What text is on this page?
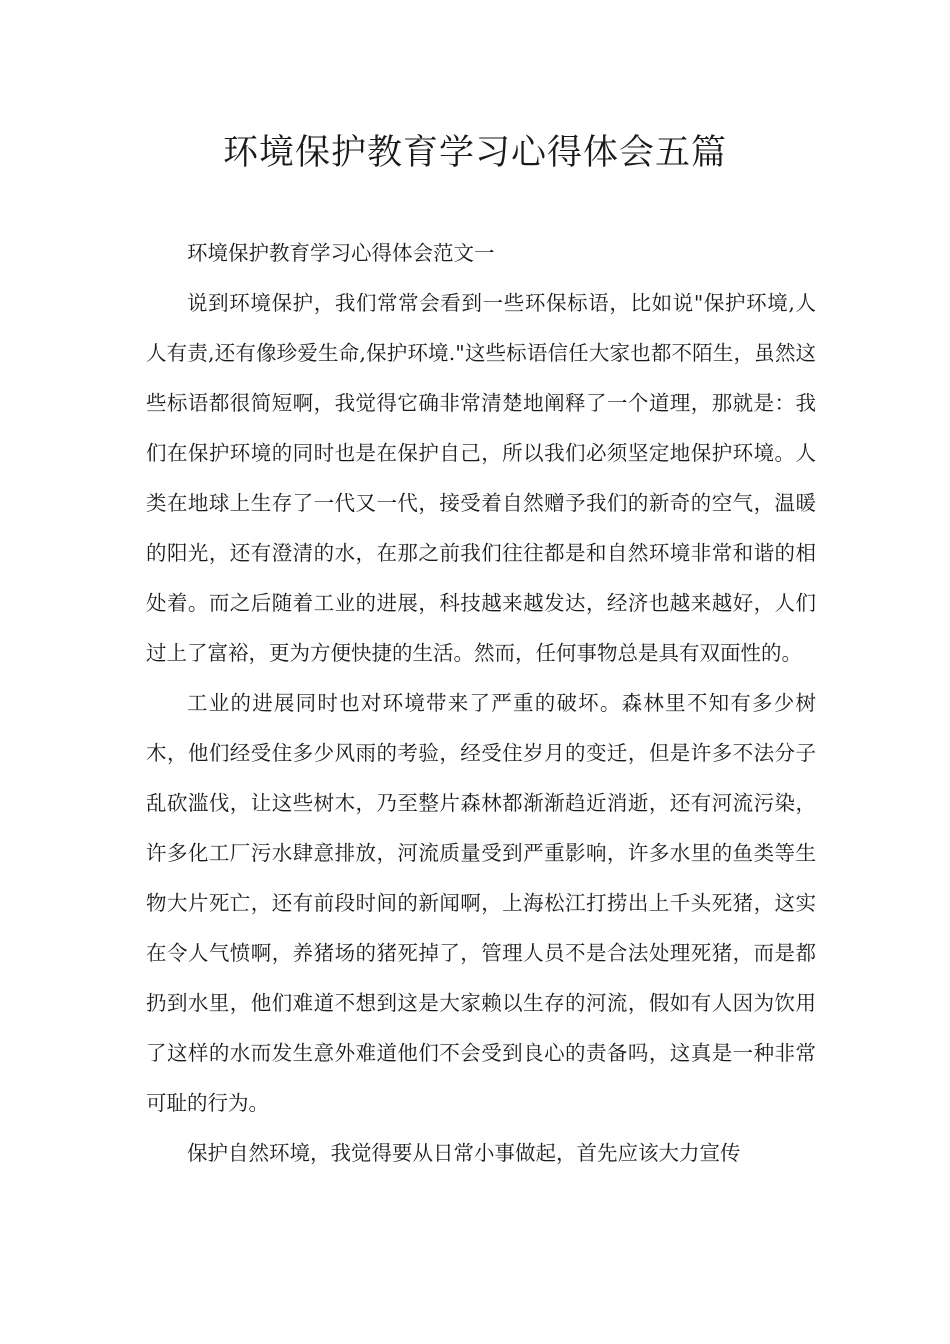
环境保护教育学习心得体会五篇

环境保护教育学习心得体会范文一

说到环境保护，我们常常会看到一些环保标语，比如说"保护环境,人人有责,还有像珍爱生命,保护环境."这些标语信任大家也都不陌生，虽然这些标语都很简短啊，我觉得它确非常清楚地阐释了一个道理，那就是：我们在保护环境的同时也是在保护自己，所以我们必须坚定地保护环境。人类在地球上生存了一代又一代，接受着自然赠予我们的新奇的空气，温暖的阳光，还有澄清的水，在那之前我们往往都是和自然环境非常和谐的相处着。而之后随着工业的进展，科技越来越发达，经济也越来越好，人们过上了富裕，更为方便快捷的生活。然而，任何事物总是具有双面性的。

工业的进展同时也对环境带来了严重的破坏。森林里不知有多少树木，他们经受住多少风雨的考验，经受住岁月的变迁，但是许多不法分子乱砍滥伐，让这些树木，乃至整片森林都渐渐趋近消逝，还有河流污染，许多化工厂污水肆意排放，河流质量受到严重影响，许多水里的鱼类等生物大片死亡，还有前段时间的新闻啊，上海松江打捞出上千头死猪，这实在令人气愤啊，养猪场的猪死掉了，管理人员不是合法处理死猪，而是都扔到水里，他们难道不想到这是大家赖以生存的河流，假如有人因为饮用了这样的水而发生意外难道他们不会受到良心的责备吗，这真是一种非常可耻的行为。

保护自然环境，我觉得要从日常小事做起，首先应该大力宣传
